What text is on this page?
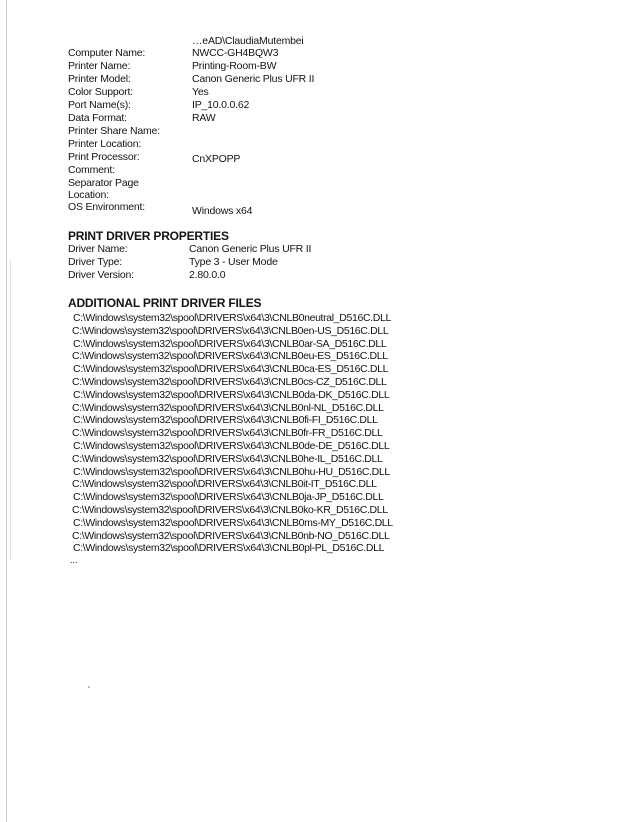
…eAD\ClaudiaMutembei
Computer Name:	NWCC-GH4BQW3
Printer Name:	Printing-Room-BW
Printer Model:	Canon Generic Plus UFR II
Color Support:	Yes
Port Name(s):	IP_10.0.0.62
Data Format:	RAW
Printer Share Name:
Printer Location:
Print Processor:	CnXPOPP
Comment:
Separator Page
Location:
OS Environment:	Windows x64
PRINT DRIVER PROPERTIES
Driver Name:	Canon Generic Plus UFR II
Driver Type:	Type 3 - User Mode
Driver Version:	2.80.0.0
ADDITIONAL PRINT DRIVER FILES
C:\Windows\system32\spool\DRIVERS\x64\3\CNLB0neutral_D516C.DLL
C:\Windows\system32\spool\DRIVERS\x64\3\CNLB0en-US_D516C.DLL
C:\Windows\system32\spool\DRIVERS\x64\3\CNLB0ar-SA_D516C.DLL
C:\Windows\system32\spool\DRIVERS\x64\3\CNLB0eu-ES_D516C.DLL
C:\Windows\system32\spool\DRIVERS\x64\3\CNLB0ca-ES_D516C.DLL
C:\Windows\system32\spool\DRIVERS\x64\3\CNLB0cs-CZ_D516C.DLL
C:\Windows\system32\spool\DRIVERS\x64\3\CNLB0da-DK_D516C.DLL
C:\Windows\system32\spool\DRIVERS\x64\3\CNLB0nl-NL_D516C.DLL
C:\Windows\system32\spool\DRIVERS\x64\3\CNLB0fi-FI_D516C.DLL
C:\Windows\system32\spool\DRIVERS\x64\3\CNLB0fr-FR_D516C.DLL
C:\Windows\system32\spool\DRIVERS\x64\3\CNLB0de-DE_D516C.DLL
C:\Windows\system32\spool\DRIVERS\x64\3\CNLB0he-IL_D516C.DLL
C:\Windows\system32\spool\DRIVERS\x64\3\CNLB0hu-HU_D516C.DLL
C:\Windows\system32\spool\DRIVERS\x64\3\CNLB0it-IT_D516C.DLL
C:\Windows\system32\spool\DRIVERS\x64\3\CNLB0ja-JP_D516C.DLL
C:\Windows\system32\spool\DRIVERS\x64\3\CNLB0ko-KR_D516C.DLL
C:\Windows\system32\spool\DRIVERS\x64\3\CNLB0ms-MY_D516C.DLL
C:\Windows\system32\spool\DRIVERS\x64\3\CNLB0nb-NO_D516C.DLL
C:\Windows\system32\spool\DRIVERS\x64\3\CNLB0pl-PL_D516C.DLL
...
